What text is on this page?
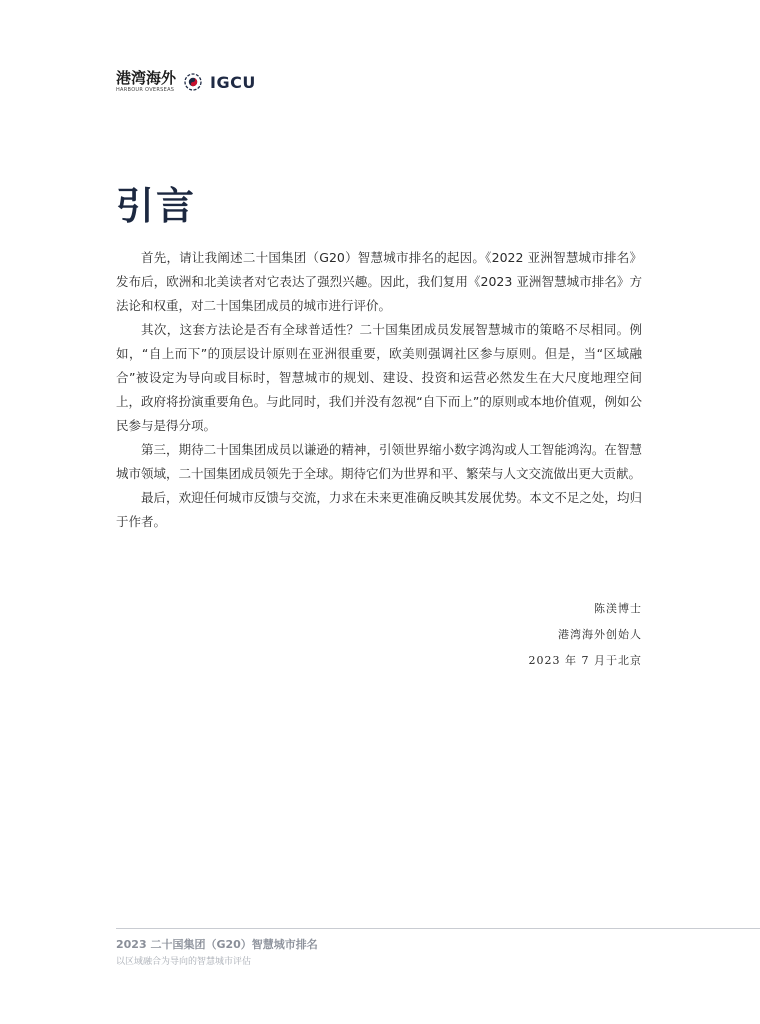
港湾海外
HARBOUR OVERSEAS IGCU
引言

首先，请让我阐述二十国集团（G20）智慧城市排名的起因。《2022 亚洲智慧城市排名》发布后，欧洲和北美读者对它表达了强烈兴趣。因此，我们复用《2023 亚洲智慧城市排名》方法论和权重，对二十国集团成员的城市进行评价。

其次，这套方法论是否有全球普适性？二十国集团成员发展智慧城市的策略不尽相同。例如，“自上而下”的顶层设计原则在亚洲很重要，欧美则强调社区参与原则。但是，当“区域融合”被设定为导向或目标时，智慧城市的规划、建设、投资和运营必然发生在大尺度地理空间上，政府将扮演重要角色。与此同时，我们并没有忽视“自下而上”的原则或本地价值观，例如公民参与是得分项。

第三，期待二十国集团成员以谦逊的精神，引领世界缩小数字鸿沟或人工智能鸿沟。在智慧城市领域，二十国集团成员领先于全球。期待它们为世界和平、繁荣与人文交流做出更大贡献。

最后，欢迎任何城市反馈与交流，力求在未来更准确反映其发展优势。本文不足之处，均归于作者。

陈渼博士
港湾海外创始人
2023 年 7 月于北京
2023 二十国集团（G20）智慧城市排名
以区域融合为导向的智慧城市评估
